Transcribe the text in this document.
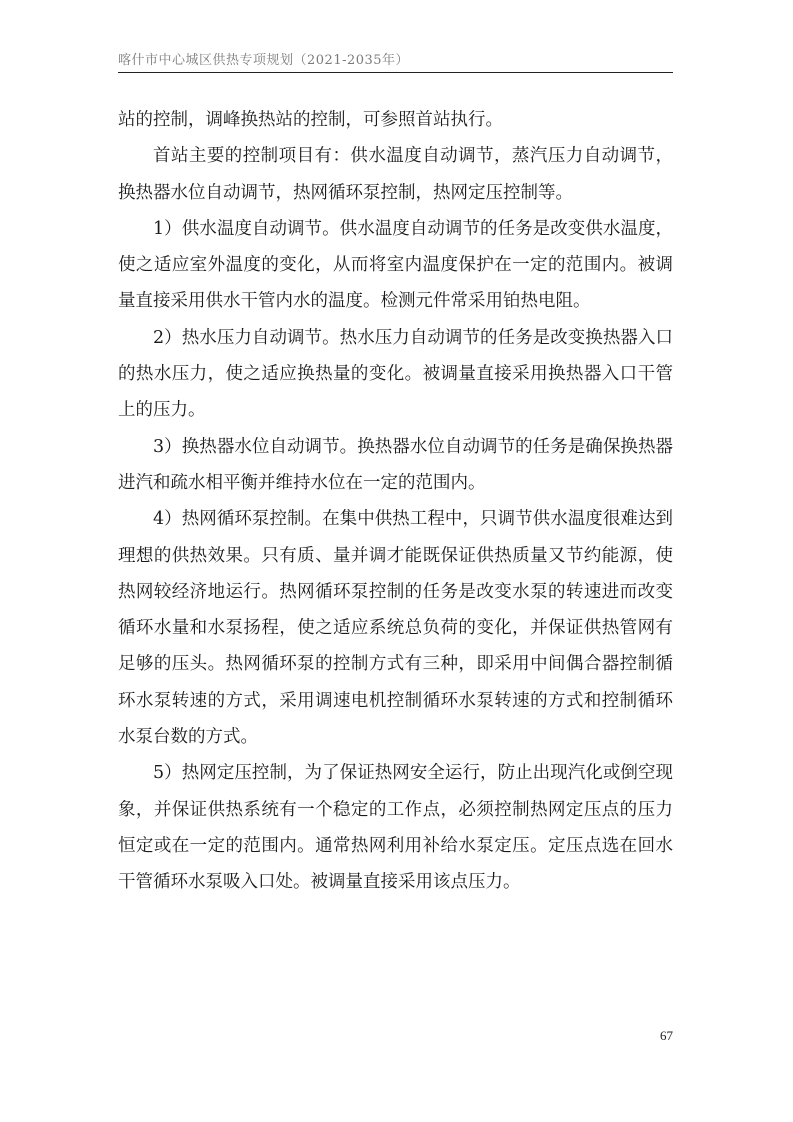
喀什市中心城区供热专项规划（2021-2035年）

站的控制，调峰换热站的控制，可参照首站执行。

首站主要的控制项目有：供水温度自动调节，蒸汽压力自动调节，换热器水位自动调节，热网循环泵控制，热网定压控制等。

1）供水温度自动调节。供水温度自动调节的任务是改变供水温度，使之适应室外温度的变化，从而将室内温度保护在一定的范围内。被调量直接采用供水干管内水的温度。检测元件常采用铂热电阻。

2）热水压力自动调节。热水压力自动调节的任务是改变换热器入口的热水压力，使之适应换热量的变化。被调量直接采用换热器入口干管上的压力。

3）换热器水位自动调节。换热器水位自动调节的任务是确保换热器进汽和疏水相平衡并维持水位在一定的范围内。

4）热网循环泵控制。在集中供热工程中，只调节供水温度很难达到理想的供热效果。只有质、量并调才能既保证供热质量又节约能源，使热网较经济地运行。热网循环泵控制的任务是改变水泵的转速进而改变循环水量和水泵扬程，使之适应系统总负荷的变化，并保证供热管网有足够的压头。热网循环泵的控制方式有三种，即采用中间偶合器控制循环水泵转速的方式，采用调速电机控制循环水泵转速的方式和控制循环水泵台数的方式。

5）热网定压控制，为了保证热网安全运行，防止出现汽化或倒空现象，并保证供热系统有一个稳定的工作点，必须控制热网定压点的压力恒定或在一定的范围内。通常热网利用补给水泵定压。定压点选在回水干管循环水泵吸入口处。被调量直接采用该点压力。

67
